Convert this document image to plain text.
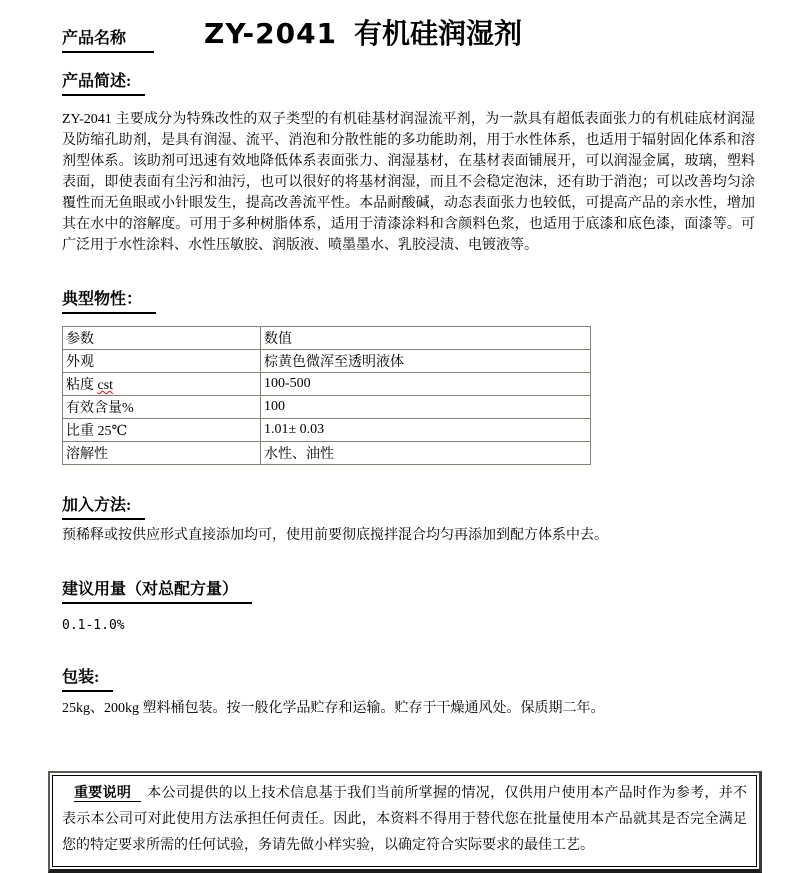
产品名称	ZY-2041 有机硅润湿剂
产品简述:

ZY-2041 主要成分为特殊改性的双子类型的有机硅基材润湿流平剂，为一款具有超低表面张力的有机硅底材润湿及防缩孔助剂，是具有润湿、流平、消泡和分散性能的多功能助剂，用于水性体系，也适用于辐射固化体系和溶剂型体系。该助剂可迅速有效地降低体系表面张力、润湿基材，在基材表面铺展开，可以润湿金属，玻璃，塑料表面，即使表面有尘污和油污，也可以很好的将基材润湿，而且不会稳定泡沫，还有助于消泡；可以改善均匀涂覆性而无鱼眼或小针眼发生，提高改善流平性。本品耐酸碱，动态表面张力也较低，可提高产品的亲水性，增加其在水中的溶解度。可用于多种树脂体系，适用于清漆涂料和含颜料色浆，也适用于底漆和底色漆，面漆等。可广泛用于水性涂料、水性压敏胶、润版液、喷墨墨水、乳胶浸渍、电镀液等。

典型物性：
参数	数值
外观	棕黄色微浑至透明液体
粘度 cst	100-500
有效含量%	100
比重 25℃	1.01± 0.03
溶解性	水性、油性
加入方法:

预稀释或按供应形式直接添加均可，使用前要彻底搅拌混合均匀再添加到配方体系中去。

建议用量（对总配方量）

0.1-1.0%

包装:

25kg、200kg 塑料桶包装。按一般化学品贮存和运输。贮存于干燥通风处。保质期二年。

重要说明 本公司提供的以上技术信息基于我们当前所掌握的情况，仅供用户使用本产品时作为参考，并不表示本公司可对此使用方法承担任何责任。因此，本资料不得用于替代您在批量使用本产品就其是否完全满足您的特定要求所需的任何试验，务请先做小样实验，以确定符合实际要求的最佳工艺。
